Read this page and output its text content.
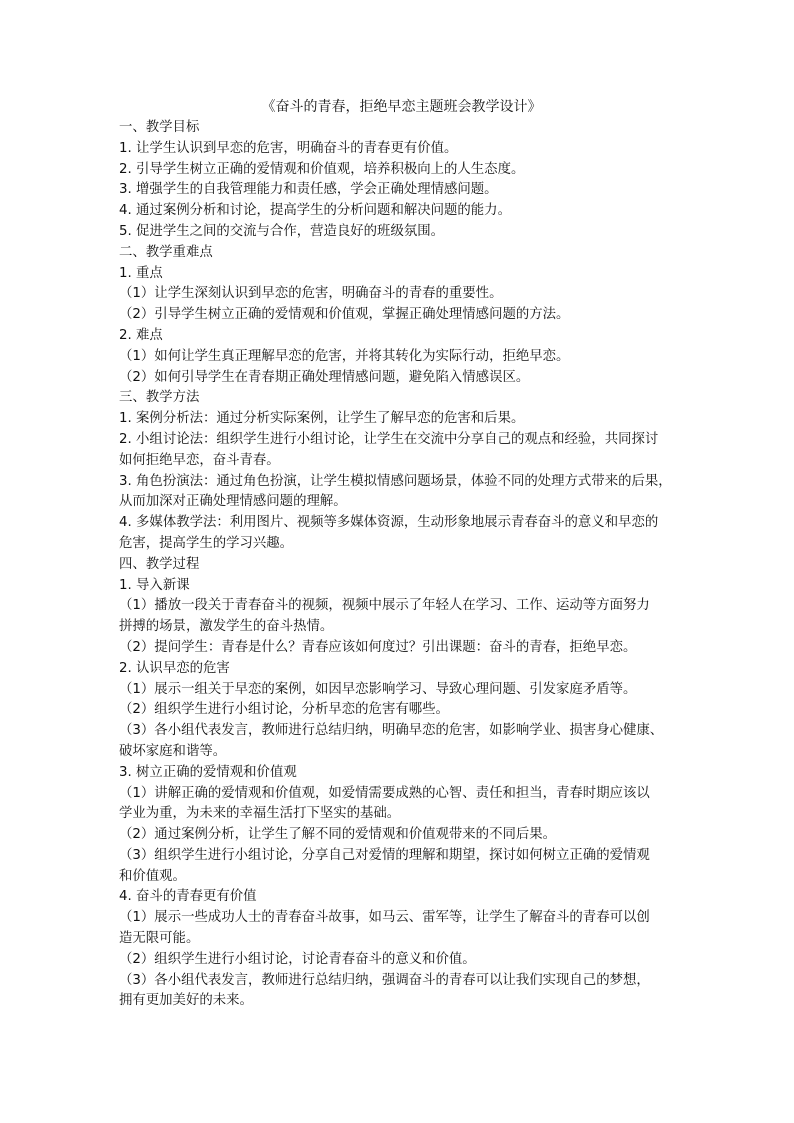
《奋斗的青春，拒绝早恋主题班会教学设计》
一、教学目标
1. 让学生认识到早恋的危害，明确奋斗的青春更有价值。
2. 引导学生树立正确的爱情观和价值观，培养积极向上的人生态度。
3. 增强学生的自我管理能力和责任感，学会正确处理情感问题。
4. 通过案例分析和讨论，提高学生的分析问题和解决问题的能力。
5. 促进学生之间的交流与合作，营造良好的班级氛围。
二、教学重难点
1. 重点
（1）让学生深刻认识到早恋的危害，明确奋斗的青春的重要性。
（2）引导学生树立正确的爱情观和价值观，掌握正确处理情感问题的方法。
2. 难点
（1）如何让学生真正理解早恋的危害，并将其转化为实际行动，拒绝早恋。
（2）如何引导学生在青春期正确处理情感问题，避免陷入情感误区。
三、教学方法
1. 案例分析法：通过分析实际案例，让学生了解早恋的危害和后果。
2. 小组讨论法：组织学生进行小组讨论，让学生在交流中分享自己的观点和经验，共同探讨
如何拒绝早恋，奋斗青春。
3. 角色扮演法：通过角色扮演，让学生模拟情感问题场景，体验不同的处理方式带来的后果，
从而加深对正确处理情感问题的理解。
4. 多媒体教学法：利用图片、视频等多媒体资源，生动形象地展示青春奋斗的意义和早恋的
危害，提高学生的学习兴趣。
四、教学过程
1. 导入新课
（1）播放一段关于青春奋斗的视频，视频中展示了年轻人在学习、工作、运动等方面努力
拼搏的场景，激发学生的奋斗热情。
（2）提问学生：青春是什么？青春应该如何度过？引出课题：奋斗的青春，拒绝早恋。
2. 认识早恋的危害
（1）展示一组关于早恋的案例，如因早恋影响学习、导致心理问题、引发家庭矛盾等。
（2）组织学生进行小组讨论，分析早恋的危害有哪些。
（3）各小组代表发言，教师进行总结归纳，明确早恋的危害，如影响学业、损害身心健康、
破坏家庭和谐等。
3. 树立正确的爱情观和价值观
（1）讲解正确的爱情观和价值观，如爱情需要成熟的心智、责任和担当，青春时期应该以
学业为重，为未来的幸福生活打下坚实的基础。
（2）通过案例分析，让学生了解不同的爱情观和价值观带来的不同后果。
（3）组织学生进行小组讨论，分享自己对爱情的理解和期望，探讨如何树立正确的爱情观
和价值观。
4. 奋斗的青春更有价值
（1）展示一些成功人士的青春奋斗故事，如马云、雷军等，让学生了解奋斗的青春可以创
造无限可能。
（2）组织学生进行小组讨论，讨论青春奋斗的意义和价值。
（3）各小组代表发言，教师进行总结归纳，强调奋斗的青春可以让我们实现自己的梦想，
拥有更加美好的未来。
